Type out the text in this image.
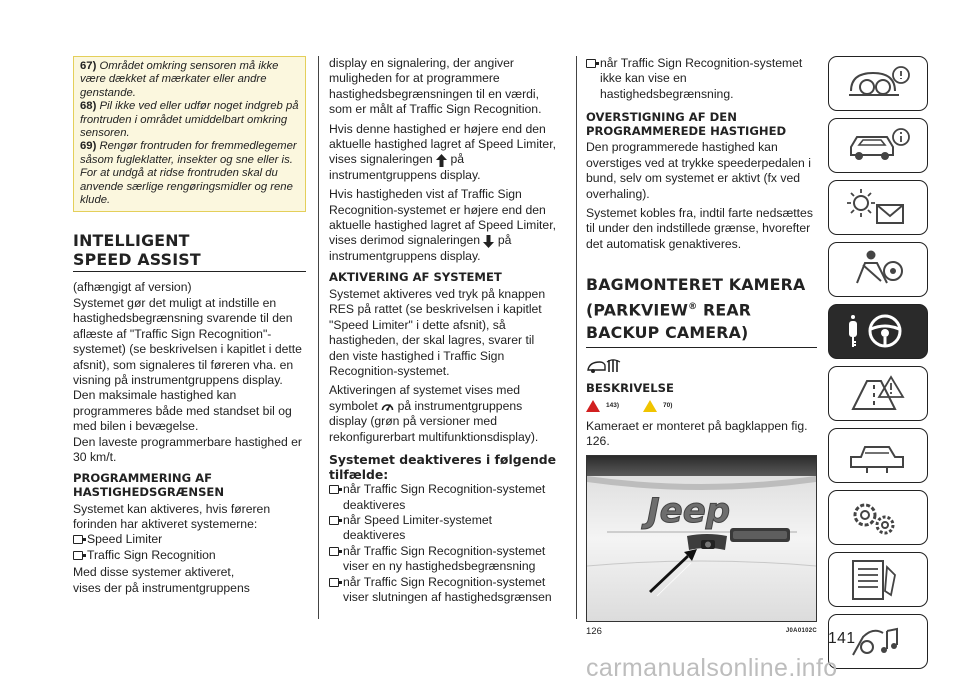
67) Området omkring sensoren må ikke være dækket af mærkater eller andre genstande.

68) Pil ikke ved eller udfør noget indgreb på frontruden i området umiddelbart omkring sensoren.

69) Rengør frontruden for fremmedlegemer såsom fugleklatter, insekter og sne eller is. For at undgå at ridse frontruden skal du anvende særlige rengøringsmidler og rene klude.

INTELLIGENT SPEED ASSIST

(afhængigt af version)

Systemet gør det muligt at indstille en hastighedsbegrænsning svarende til den aflæste af "Traffic Sign Recognition"-systemet) (se beskrivelsen i kapitlet i dette afsnit), som signaleres til føreren vha. en visning på instrumentgruppens display.

Den maksimale hastighed kan programmeres både med standset bil og med bilen i bevægelse.

Den laveste programmerbare hastighed er 30 km/t.

PROGRAMMERING AF HASTIGHEDSGRÆNSEN

Systemet kan aktiveres, hvis føreren forinden har aktiveret systemerne:

Speed Limiter

Traffic Sign Recognition

Med disse systemer aktiveret, vises der på instrumentgruppens

display en signalering, der angiver muligheden for at programmere hastighedsbegrænsningen til en værdi, som er målt af Traffic Sign Recognition.

Hvis denne hastighed er højere end den aktuelle hastighed lagret af Speed Limiter, vises signaleringen på instrumentgruppens display.

Hvis hastigheden vist af Traffic Sign Recognition-systemet er højere end den aktuelle hastighed lagret af Speed Limiter, vises derimod signaleringen på instrumentgruppens display.

AKTIVERING AF SYSTEMET

Systemet aktiveres ved tryk på knappen RES på rattet (se beskrivelsen i kapitlet "Speed Limiter" i dette afsnit), så hastigheden, der skal lagres, svarer til den viste hastighed i Traffic Sign Recognition-systemet.

Aktiveringen af systemet vises med symbolet på instrumentgruppens display (grøn på versioner med rekonfigurerbart multifunktionsdisplay).

Systemet deaktiveres i følgende tilfælde:

når Traffic Sign Recognition-systemet deaktiveres

når Speed Limiter-systemet deaktiveres

når Traffic Sign Recognition-systemet viser en ny hastighedsbegrænsning

når Traffic Sign Recognition-systemet viser slutningen af hastighedsgrænsen

når Traffic Sign Recognition-systemet ikke kan vise en hastighedsbegrænsning.

OVERSTIGNING AF DEN PROGRAMMEREDE HASTIGHED

Den programmerede hastighed kan overstiges ved at trykke speederpedalen i bund, selv om systemet er aktivt (fx ved overhaling).

Systemet kobles fra, indtil farte nedsættes til under den indstillede grænse, hvorefter det automatisk genaktiveres.

BAGMONTERET KAMERA (PARKVIEW® REAR BACKUP CAMERA)
BESKRIVELSE
143)	70)

Kameraet er monteret på bagklappen fig. 126.

Jeep
126	J0A0102C 141
carmanualsonline.info
